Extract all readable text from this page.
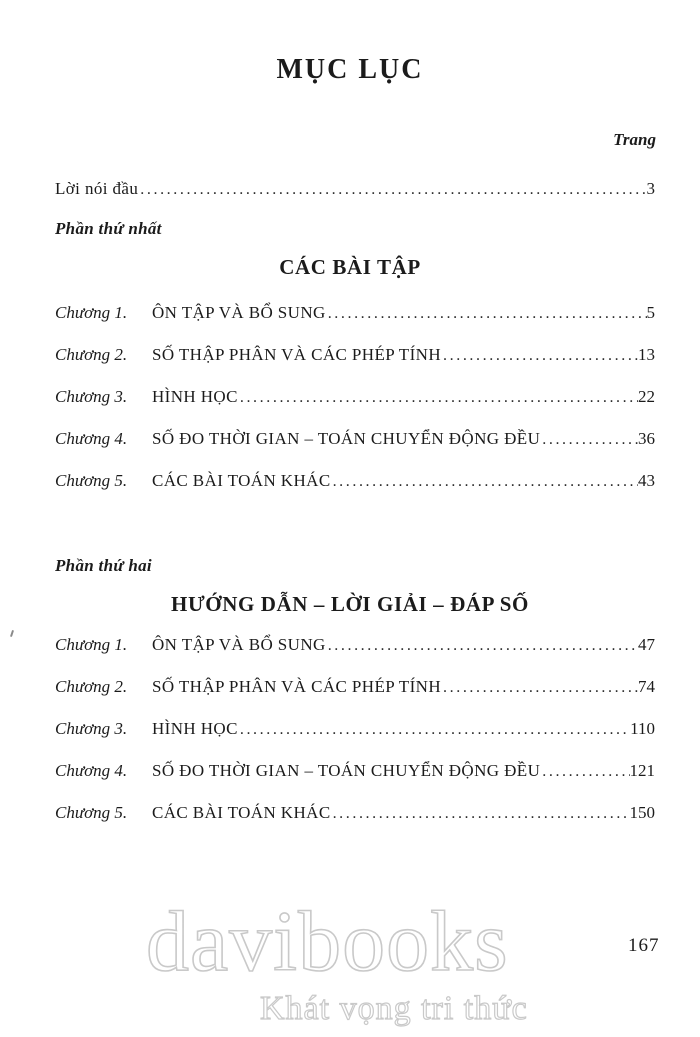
MỤC LỤC
Trang
Lời nói đầu .....	3
Phần thứ nhất
CÁC BÀI TẬP
Chương 1.	ÔN TẬP VÀ BỔ SUNG .....	5
Chương 2.	SỐ THẬP PHÂN VÀ CÁC PHÉP TÍNH .....	13
Chương 3.	HÌNH HỌC .....	22
Chương 4.	SỐ ĐO THỜI GIAN – TOÁN CHUYỂN ĐỘNG ĐỀU .....	36
Chương 5.	CÁC BÀI TOÁN KHÁC .....	43
Phần thứ hai
HƯỚNG DẪN – LỜI GIẢI – ĐÁP SỐ
Chương 1.	ÔN TẬP VÀ BỔ SUNG .....	47
Chương 2.	SỐ THẬP PHÂN VÀ CÁC PHÉP TÍNH .....	74
Chương 3.	HÌNH HỌC .....	110
Chương 4.	SỐ ĐO THỜI GIAN – TOÁN CHUYỂN ĐỘNG ĐỀU .....	121
Chương 5.	CÁC BÀI TOÁN KHÁC .....	150
davibooks
Khát vọng tri thức
167
